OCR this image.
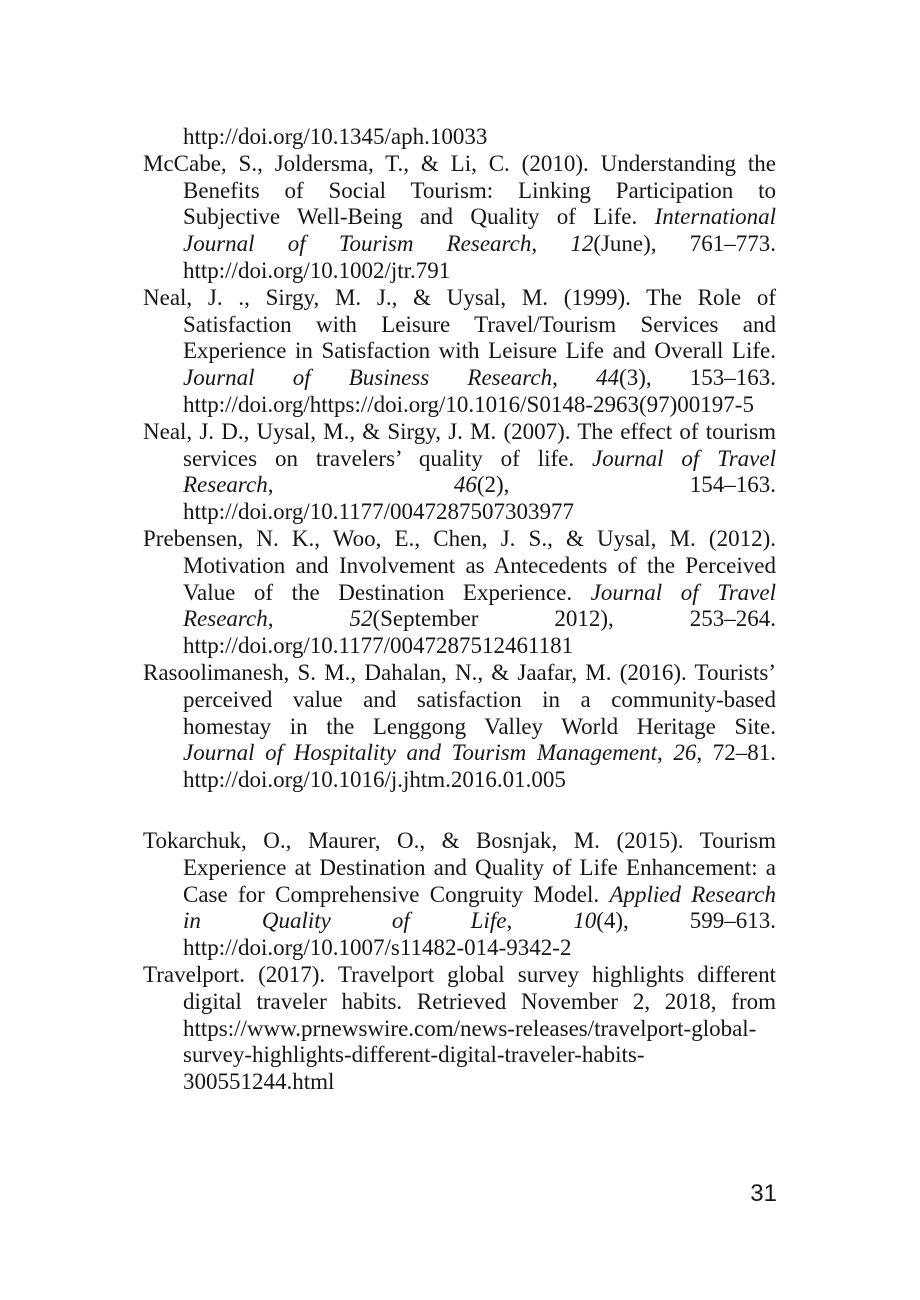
http://doi.org/10.1345/aph.10033
McCabe, S., Joldersma, T., & Li, C. (2010). Understanding the
Benefits of Social Tourism: Linking Participation to
Subjective Well-Being and Quality of Life. International
Journal of Tourism Research, 12(June), 761–773.
http://doi.org/10.1002/jtr.791
Neal, J. ., Sirgy, M. J., & Uysal, M. (1999). The Role of
Satisfaction with Leisure Travel/Tourism Services and
Experience in Satisfaction with Leisure Life and Overall Life.
Journal of Business Research, 44(3), 153–163.
http://doi.org/https://doi.org/10.1016/S0148-2963(97)00197-5
Neal, J. D., Uysal, M., & Sirgy, J. M. (2007). The effect of tourism
services on travelers’ quality of life. Journal of Travel
Research, 46(2), 154–163.
http://doi.org/10.1177/0047287507303977
Prebensen, N. K., Woo, E., Chen, J. S., & Uysal, M. (2012).
Motivation and Involvement as Antecedents of the Perceived
Value of the Destination Experience. Journal of Travel
Research, 52(September 2012), 253–264.
http://doi.org/10.1177/0047287512461181
Rasoolimanesh, S. M., Dahalan, N., & Jaafar, M. (2016). Tourists’
perceived value and satisfaction in a community-based
homestay in the Lenggong Valley World Heritage Site.
Journal of Hospitality and Tourism Management, 26, 72–81.
http://doi.org/10.1016/j.jhtm.2016.01.005
Tokarchuk, O., Maurer, O., & Bosnjak, M. (2015). Tourism
Experience at Destination and Quality of Life Enhancement: a
Case for Comprehensive Congruity Model. Applied Research
in Quality of Life, 10(4), 599–613.
http://doi.org/10.1007/s11482-014-9342-2
Travelport. (2017). Travelport global survey highlights different
digital traveler habits. Retrieved November 2, 2018, from
https://www.prnewswire.com/news-releases/travelport-global-
survey-highlights-different-digital-traveler-habits-
300551244.html
31
